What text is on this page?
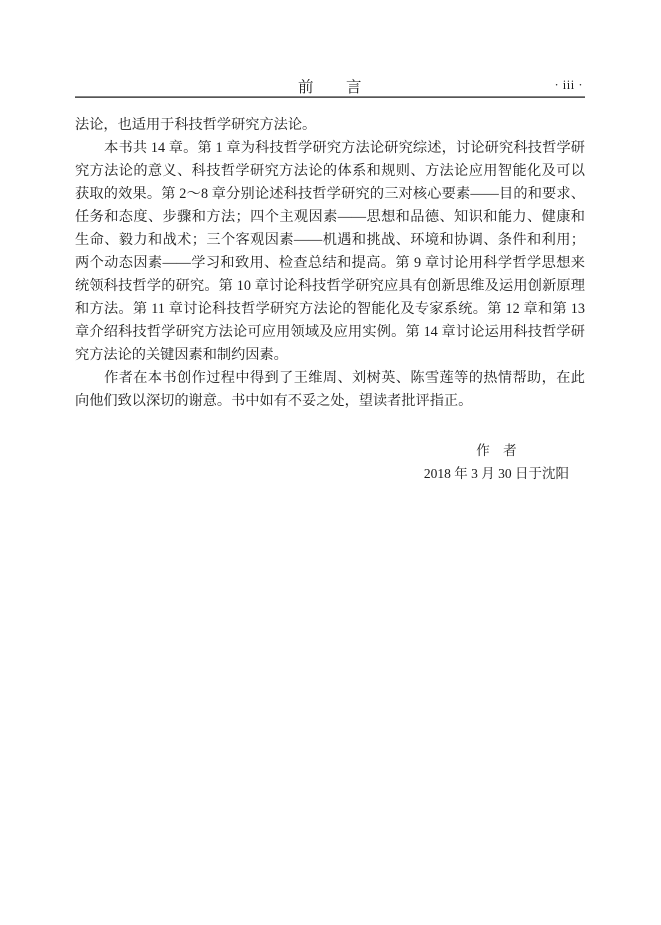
前　　言	· iii ·

法论，也适用于科技哲学研究方法论。

本书共 14 章。第 1 章为科技哲学研究方法论研究综述，讨论研究科技哲学研究方法论的意义、科技哲学研究方法论的体系和规则、方法论应用智能化及可以获取的效果。第 2～8 章分别论述科技哲学研究的三对核心要素——目的和要求、任务和态度、步骤和方法；四个主观因素——思想和品德、知识和能力、健康和生命、毅力和战术；三个客观因素——机遇和挑战、环境和协调、条件和利用；两个动态因素——学习和致用、检查总结和提高。第 9 章讨论用科学哲学思想来统领科技哲学的研究。第 10 章讨论科技哲学研究应具有创新思维及运用创新原理和方法。第 11 章讨论科技哲学研究方法论的智能化及专家系统。第 12 章和第 13 章介绍科技哲学研究方法论可应用领域及应用实例。第 14 章讨论运用科技哲学研究方法论的关键因素和制约因素。

作者在本书创作过程中得到了王维周、刘树英、陈雪莲等的热情帮助，在此向他们致以深切的谢意。书中如有不妥之处，望读者批评指正。

作　者
2018 年 3 月 30 日于沈阳
